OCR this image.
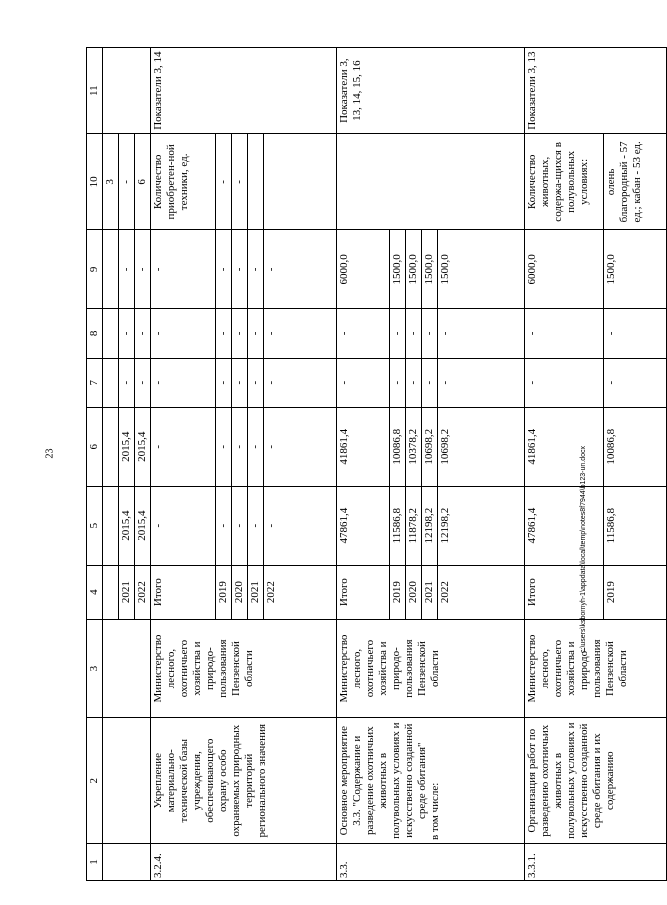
23	c:\users\ksbornyh-1\appdata\local\temp\notes8f7944\b123-un.docx
1	2	3	4	5	6	7	8	9	10	11
									3	
			2021	2015,4	2015,4	-	-	-	-	
			2022	2015,4	2015,4	-	-	-	6	
3.2.4.	Укрепление материально-технической базы учреждения, обеспечивающего охрану особо охраняемых природных территорий регионального значения	Министерство лесного, охотничьего хозяйства и природо-пользования Пензенской области	Итого	-	-	-	-	-	Количество приобретен-ной техники, ед.	Показатели 3, 14
			2019	-	-	-	-	-	-	
			2020	-	-	-	-	-	-	
			2021	-	-	-	-	-		
			2022	-	-	-	-	-		
3.3.	Основное мероприятие 3.3. "Содержание и разведение охотничьих животных в полувольных условиях и искусственно созданной среде обитания" в том числе:	Министерство лесного, охотничьего хозяйства и природо-пользования Пензенской области	Итого	47861,4	41861,4	-	-	6000,0		Показатели 3, 13, 14, 15, 16
			2019	11586,8	10086,8	-	-	1500,0		
			2020	11878,2	10378,2	-	-	1500,0		
			2021	12198,2	10698,2	-	-	1500,0		
			2022	12198,2	10698,2	-	-	1500,0		
3.3.1.	Организация работ по разведению охотничьих животных в полувольных условиях и искусственно созданной среде обитания и их содержанию	Министерство лесного, охотничьего хозяйства и природо-пользования Пензенской области	Итого	47861,4	41861,4	-	-	6000,0	Количество животных, содержа-щихся в полувольных условиях:	Показатели 3, 13
			2019	11586,8	10086,8	-	-	1500,0	олень благородный - 57 ед.; кабан - 53 ед.	
